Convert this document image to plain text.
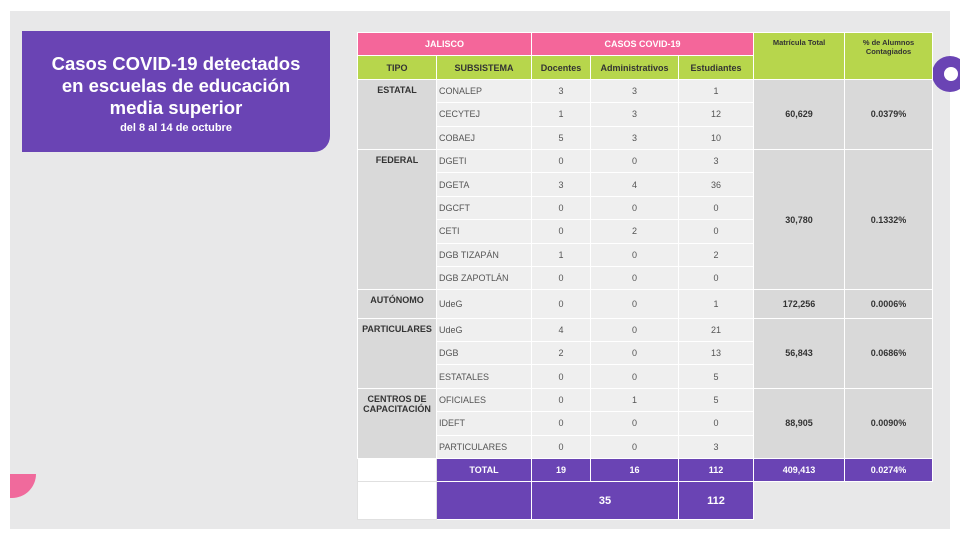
Casos COVID-19 detectados
en escuelas de educación
media superior
del 8 al 14 de octubre
JALISCO		CASOS COVID-19			Matrícula Total	% de Alumnos Contagiados
TIPO	SUBSISTEMA	Docentes	Administrativos	Estudiantes		
ESTATAL	CONALEP	3	3	1	60,629	0.0379%
	CECYTEJ	1	3	12		
	COBAEJ	5	3	10		
FEDERAL	DGETI	0	0	3	30,780	0.1332%
	DGETA	3	4	36		
	DGCFT	0	0	0		
	CETI	0	2	0		
	DGB TIZAPÁN	1	0	2		
	DGB ZAPOTLÁN	0	0	0		
AUTÓNOMO	UdeG	0	0	1	172,256	0.0006%
PARTICULARES	UdeG	4	0	21	56,843	0.0686%
	DGB	2	0	13		
	ESTATALES	0	0	5		
CENTROS DE CAPACITACIÓN	OFICIALES	0	1	5	88,905	0.0090%
	IDEFT	0	0	0		
	PARTICULARES	0	0	3		
	TOTAL	19	16	112	409,413	0.0274%
		35		112		
